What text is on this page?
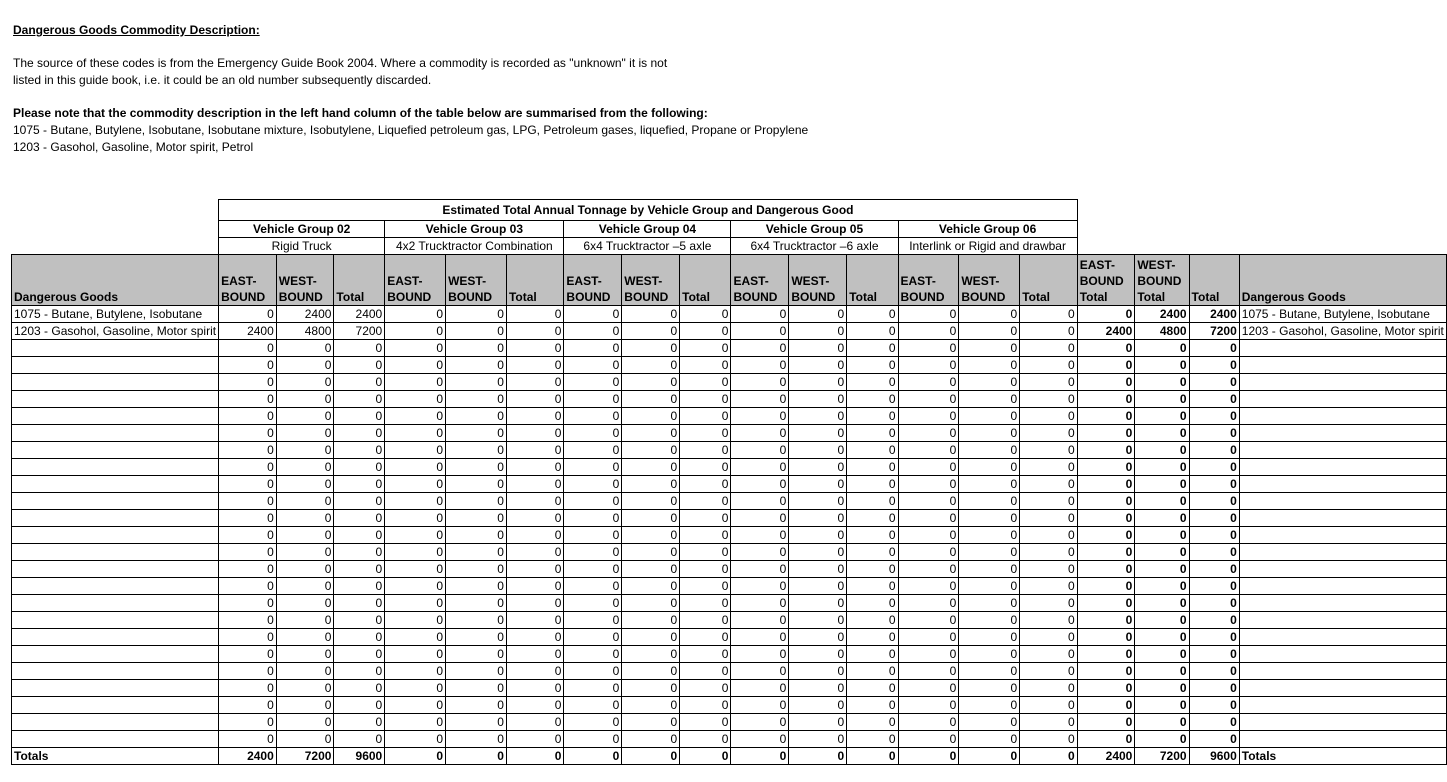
Dangerous Goods Commodity Description:

The source of these codes is from the Emergency Guide Book 2004. Where a commodity is recorded as "unknown" it is not

listed in this guide book, i.e. it could be an old number subsequently discarded.

Please note that the commodity description in the left hand column of the table below are summarised from the following:

1075 - Butane, Butylene, Isobutane, Isobutane mixture, Isobutylene, Liquefied petroleum gas, LPG, Petroleum gases, liquefied, Propane or Propylene

1203 - Gasohol, Gasoline, Motor spirit, Petrol

	Estimated Total Annual Tonnage by Vehicle Group and Dangerous Good																		
	Vehicle Group 02			Vehicle Group 03			Vehicle Group 04			Vehicle Group 05			Vehicle Group 06						
	Rigid Truck			4x2 Trucktractor Combination			6x4 Trucktractor –5 axle			6x4 Trucktractor –6 axle			Interlink or Rigid and drawbar						
Dangerous Goods	EAST-BOUND	WEST-BOUND	Total	EAST-BOUND	WEST-BOUND	Total	EAST-BOUND	WEST-BOUND	Total	EAST-BOUND	WEST-BOUND	Total	EAST-BOUND	WEST-BOUND	Total	EAST-BOUND Total	WEST-BOUND Total	Total	Dangerous Goods
1075 - Butane, Butylene, Isobutane	0	2400	2400	0	0	0	0	0	0	0	0	0	0	0	0	0	2400	2400	1075 - Butane, Butylene, Isobutane
1203 - Gasohol, Gasoline, Motor spirit	2400	4800	7200	0	0	0	0	0	0	0	0	0	0	0	0	2400	4800	7200	1203 - Gasohol, Gasoline, Motor spirit
	0	0	0	0	0	0	0	0	0	0	0	0	0	0	0	0	0	0	
	0	0	0	0	0	0	0	0	0	0	0	0	0	0	0	0	0	0	
	0	0	0	0	0	0	0	0	0	0	0	0	0	0	0	0	0	0	
	0	0	0	0	0	0	0	0	0	0	0	0	0	0	0	0	0	0	
	0	0	0	0	0	0	0	0	0	0	0	0	0	0	0	0	0	0	
	0	0	0	0	0	0	0	0	0	0	0	0	0	0	0	0	0	0	
	0	0	0	0	0	0	0	0	0	0	0	0	0	0	0	0	0	0	
	0	0	0	0	0	0	0	0	0	0	0	0	0	0	0	0	0	0	
	0	0	0	0	0	0	0	0	0	0	0	0	0	0	0	0	0	0	
	0	0	0	0	0	0	0	0	0	0	0	0	0	0	0	0	0	0	
	0	0	0	0	0	0	0	0	0	0	0	0	0	0	0	0	0	0	
	0	0	0	0	0	0	0	0	0	0	0	0	0	0	0	0	0	0	
	0	0	0	0	0	0	0	0	0	0	0	0	0	0	0	0	0	0	
	0	0	0	0	0	0	0	0	0	0	0	0	0	0	0	0	0	0	
	0	0	0	0	0	0	0	0	0	0	0	0	0	0	0	0	0	0	
	0	0	0	0	0	0	0	0	0	0	0	0	0	0	0	0	0	0	
	0	0	0	0	0	0	0	0	0	0	0	0	0	0	0	0	0	0	
	0	0	0	0	0	0	0	0	0	0	0	0	0	0	0	0	0	0	
	0	0	0	0	0	0	0	0	0	0	0	0	0	0	0	0	0	0	
	0	0	0	0	0	0	0	0	0	0	0	0	0	0	0	0	0	0	
	0	0	0	0	0	0	0	0	0	0	0	0	0	0	0	0	0	0	
	0	0	0	0	0	0	0	0	0	0	0	0	0	0	0	0	0	0	
	0	0	0	0	0	0	0	0	0	0	0	0	0	0	0	0	0	0	
	0	0	0	0	0	0	0	0	0	0	0	0	0	0	0	0	0	0	
Totals	2400	7200	9600	0	0	0	0	0	0	0	0	0	0	0	0	2400	7200	9600	Totals
